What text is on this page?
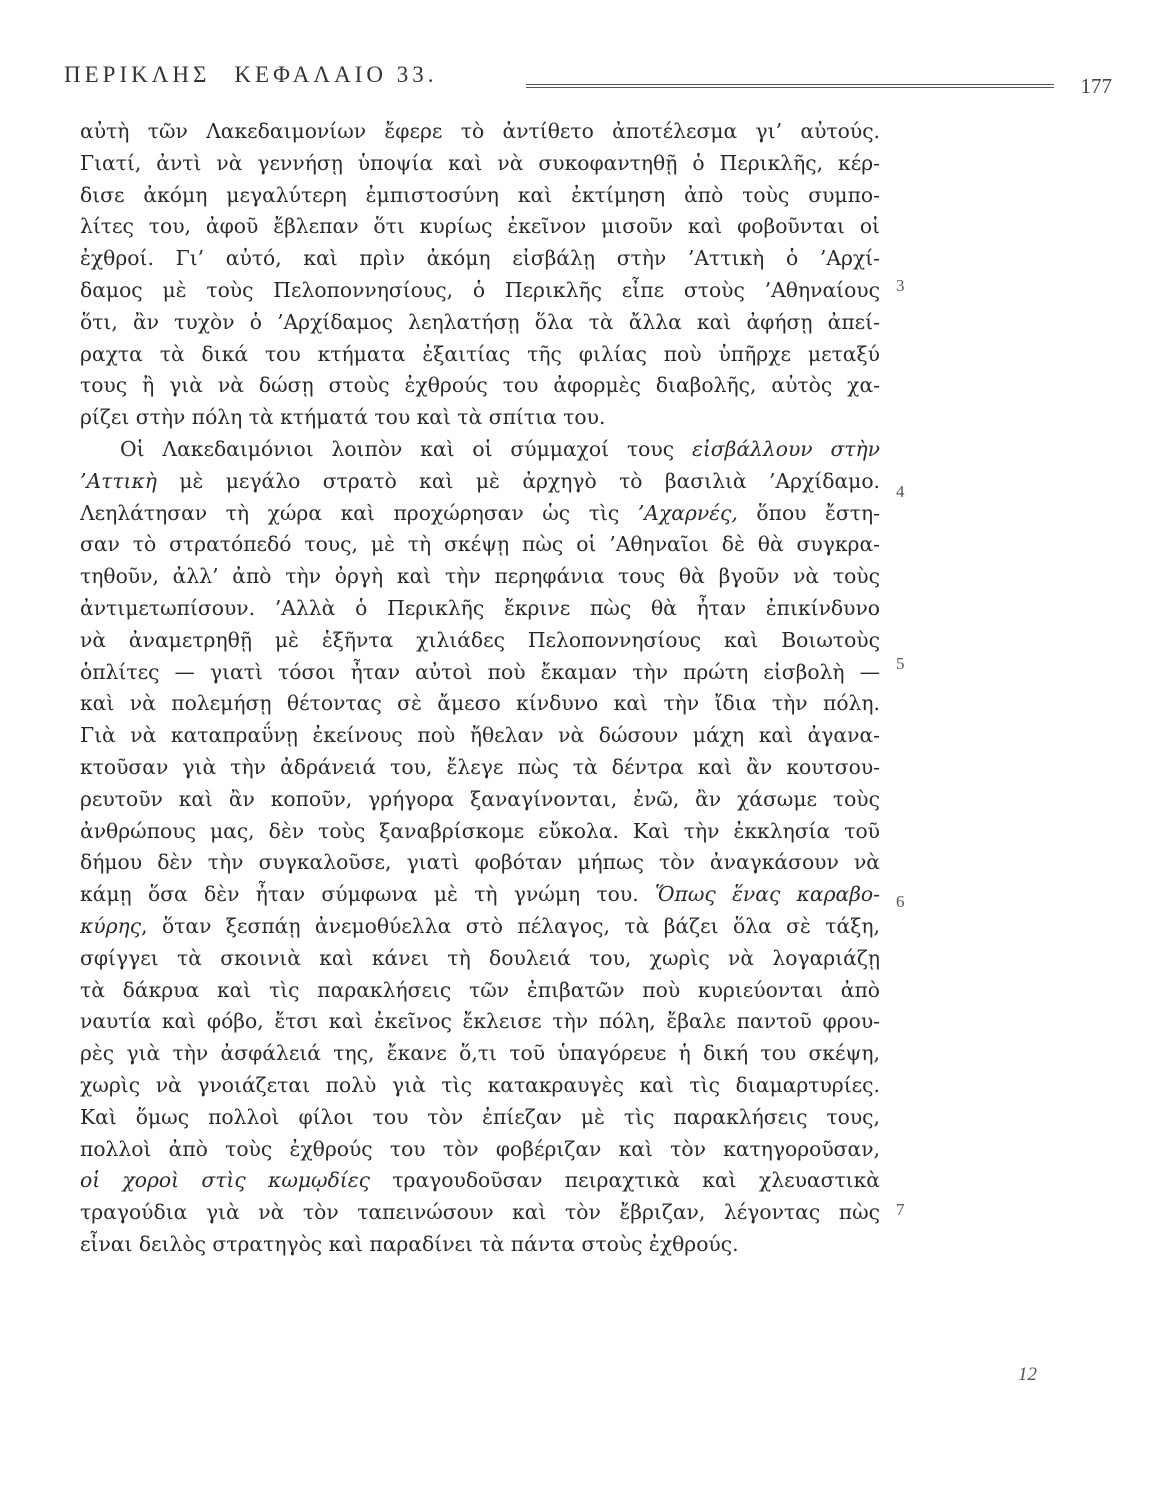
ΠΕΡΙΚΛΗΣ ΚΕΦΑΛΑΙΟ 33.	177
αὐτὴ τῶν Λακεδαιμονίων ἔφερε τὸ ἀντίθετο ἀποτέλεσμα γι’ αὐτούς.
Γιατί, ἀντὶ νὰ γεννήσῃ ὑποψία καὶ νὰ συκοφαντηθῇ ὁ Περικλῆς, κέρ-
δισε ἀκόμη μεγαλύτερη ἐμπιστοσύνη καὶ ἐκτίμηση ἀπὸ τοὺς συμπο-
λίτες του, ἀφοῦ ἔβλεπαν ὅτι κυρίως ἐκεῖνον μισοῦν καὶ φοβοῦνται οἱ
ἐχθροί. Γι’ αὐτό, καὶ πρὶν ἀκόμη εἰσβάλῃ στὴν ’Αττικὴ ὁ ’Αρχί-
δαμος μὲ τοὺς Πελοποννησίους, ὁ Περικλῆς εἶπε στοὺς ’Αθηναίους
ὅτι, ἂν τυχὸν ὁ ’Αρχίδαμος λεηλατήσῃ ὅλα τὰ ἄλλα καὶ ἀφήσῃ ἀπεί-
ραχτα τὰ δικά του κτήματα ἐξαιτίας τῆς φιλίας ποὺ ὑπῆρχε μεταξύ
τους ἢ γιὰ νὰ δώσῃ στοὺς ἐχθρούς του ἀφορμὲς διαβολῆς, αὐτὸς χα-
ρίζει στὴν πόλη τὰ κτήματά του καὶ τὰ σπίτια του.
Οἱ Λακεδαιμόνιοι λοιπὸν καὶ οἱ σύμμαχοί τους εἰσβάλλουν στὴν
’Αττικὴ μὲ μεγάλο στρατὸ καὶ μὲ ἀρχηγὸ τὸ βασιλιὰ ’Αρχίδαμο.
Λεηλάτησαν τὴ χώρα καὶ προχώρησαν ὡς τὶς ’Αχαρνές, ὅπου ἔστη-
σαν τὸ στρατόπεδό τους, μὲ τὴ σκέψῃ πὼς οἱ ’Αθηναῖοι δὲ θὰ συγκρα-
τηθοῦν, ἀλλ’ ἀπὸ τὴν ὀργὴ καὶ τὴν περηφάνια τους θὰ βγοῦν νὰ τοὺς
ἀντιμετωπίσουν. ’Αλλὰ ὁ Περικλῆς ἔκρινε πὼς θὰ ἦταν ἐπικίνδυνο
νὰ ἀναμετρηθῇ μὲ ἑξῆντα χιλιάδες Πελοποννησίους καὶ Βοιωτοὺς
ὁπλίτες — γιατὶ τόσοι ἦταν αὐτοὶ ποὺ ἔκαμαν τὴν πρώτη εἰσβολὴ —
καὶ νὰ πολεμήσῃ θέτοντας σὲ ἄμεσο κίνδυνο καὶ τὴν ἴδια τὴν πόλη.
Γιὰ νὰ καταπραΰνῃ ἐκείνους ποὺ ἤθελαν νὰ δώσουν μάχη καὶ ἀγανα-
κτοῦσαν γιὰ τὴν ἀδράνειά του, ἔλεγε πὼς τὰ δέντρα καὶ ἂν κουτσου-
ρευτοῦν καὶ ἂν κοποῦν, γρήγορα ξαναγίνονται, ἐνῶ, ἂν χάσωμε τοὺς
ἀνθρώπους μας, δὲν τοὺς ξαναβρίσκομε εὔκολα. Καὶ τὴν ἐκκλησία τοῦ
δήμου δὲν τὴν συγκαλοῦσε, γιατὶ φοβόταν μήπως τὸν ἀναγκάσουν νὰ
κάμῃ ὅσα δὲν ἦταν σύμφωνα μὲ τὴ γνώμη του. Ὅπως ἕνας καραβο-
κύρης, ὅταν ξεσπάῃ ἀνεμοθύελλα στὸ πέλαγος, τὰ βάζει ὅλα σὲ τάξη,
σφίγγει τὰ σκοινιὰ καὶ κάνει τὴ δουλειά του, χωρὶς νὰ λογαριάζῃ
τὰ δάκρυα καὶ τὶς παρακλήσεις τῶν ἐπιβατῶν ποὺ κυριεύονται ἀπὸ
ναυτία καὶ φόβο, ἔτσι καὶ ἐκεῖνος ἔκλεισε τὴν πόλη, ἔβαλε παντοῦ φρου-
ρὲς γιὰ τὴν ἀσφάλειά της, ἔκανε ὅ,τι τοῦ ὑπαγόρευε ἡ δική του σκέψη,
χωρὶς νὰ γνοιάζεται πολὺ γιὰ τὶς κατακραυγὲς καὶ τὶς διαμαρτυρίες.
Καὶ ὅμως πολλοὶ φίλοι του τὸν ἐπίεζαν μὲ τὶς παρακλήσεις τους,
πολλοὶ ἀπὸ τοὺς ἐχθρούς του τὸν φοβέριζαν καὶ τὸν κατηγοροῦσαν,
οἱ χοροὶ στὶς κωμῳδίες τραγουδοῦσαν πειραχτικὰ καὶ χλευαστικὰ
τραγούδια γιὰ νὰ τὸν ταπεινώσουν καὶ τὸν ἔβριζαν, λέγοντας πὼς
εἶναι δειλὸς στρατηγὸς καὶ παραδίνει τὰ πάντα στοὺς ἐχθρούς.
3
4
5
6
7
12
